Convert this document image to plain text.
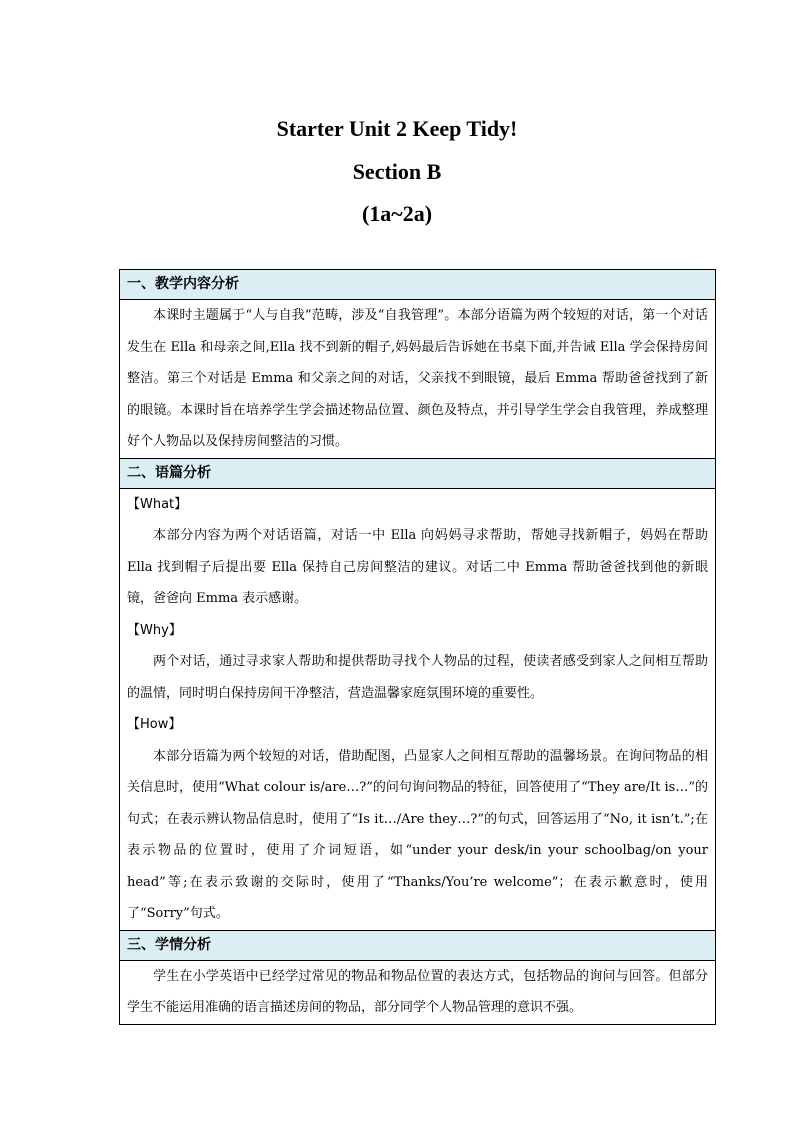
Starter Unit 2 Keep Tidy!
Section B
(1a~2a)
一、教学内容分析

本课时主题属于“人与自我”范畴，涉及“自我管理”。本部分语篇为两个较短的对话，第一个对话发生在 Ella 和母亲之间,Ella 找不到新的帽子,妈妈最后告诉她在书桌下面,并告诫 Ella 学会保持房间整洁。第三个对话是 Emma 和父亲之间的对话，父亲找不到眼镜，最后 Emma 帮助爸爸找到了新的眼镜。本课时旨在培养学生学会描述物品位置、颜色及特点，并引导学生学会自我管理，养成整理好个人物品以及保持房间整洁的习惯。

二、语篇分析

【What】

本部分内容为两个对话语篇，对话一中 Ella 向妈妈寻求帮助，帮她寻找新帽子，妈妈在帮助 Ella 找到帽子后提出要 Ella 保持自己房间整洁的建议。对话二中 Emma 帮助爸爸找到他的新眼镜，爸爸向 Emma 表示感谢。

【Why】

两个对话，通过寻求家人帮助和提供帮助寻找个人物品的过程，使读者感受到家人之间相互帮助的温情，同时明白保持房间干净整洁，营造温馨家庭氛围环境的重要性。

【How】

本部分语篇为两个较短的对话，借助配图，凸显家人之间相互帮助的温馨场景。在询问物品的相关信息时，使用“What colour is/are…?”的问句询问物品的特征，回答使用了“They are/It is…”的句式；在表示辨认物品信息时，使用了“Is it…/Are they…?”的句式，回答运用了“No, it isn’t.”;在表示物品的位置时，使用了介词短语，如“under your desk/in your schoolbag/on your head”等;在表示致谢的交际时，使用了“Thanks/You’re welcome”；在表示歉意时，使用了“Sorry”句式。

三、学情分析

学生在小学英语中已经学过常见的物品和物品位置的表达方式，包括物品的询问与回答。但部分学生不能运用准确的语言描述房间的物品，部分同学个人物品管理的意识不强。
